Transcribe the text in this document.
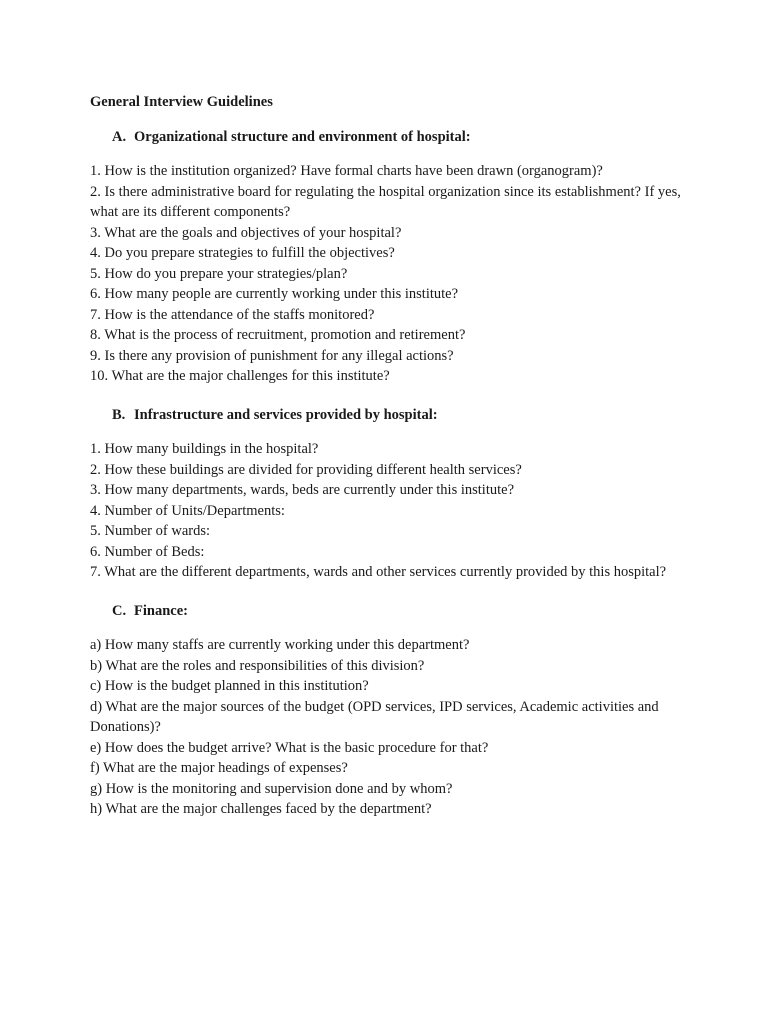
General Interview Guidelines
A. Organizational structure and environment of hospital:
1. How is the institution organized? Have formal charts have been drawn (organogram)?
2. Is there administrative board for regulating the hospital organization since its establishment? If yes, what are its different components?
3. What are the goals and objectives of your hospital?
4. Do you prepare strategies to fulfill the objectives?
5. How do you prepare your strategies/plan?
6. How many people are currently working under this institute?
7. How is the attendance of the staffs monitored?
8. What is the process of recruitment, promotion and retirement?
9. Is there any provision of punishment for any illegal actions?
10. What are the major challenges for this institute?
B. Infrastructure and services provided by hospital:
1. How many buildings in the hospital?
2. How these buildings are divided for providing different health services?
3. How many departments, wards, beds are currently under this institute?
4. Number of Units/Departments:
5. Number of wards:
6. Number of Beds:
7. What are the different departments, wards and other services currently provided by this hospital?
C. Finance:
a) How many staffs are currently working under this department?
b) What are the roles and responsibilities of this division?
c) How is the budget planned in this institution?
d) What are the major sources of the budget (OPD services, IPD services, Academic activities and Donations)?
e) How does the budget arrive? What is the basic procedure for that?
f) What are the major headings of expenses?
g) How is the monitoring and supervision done and by whom?
h) What are the major challenges faced by the department?
